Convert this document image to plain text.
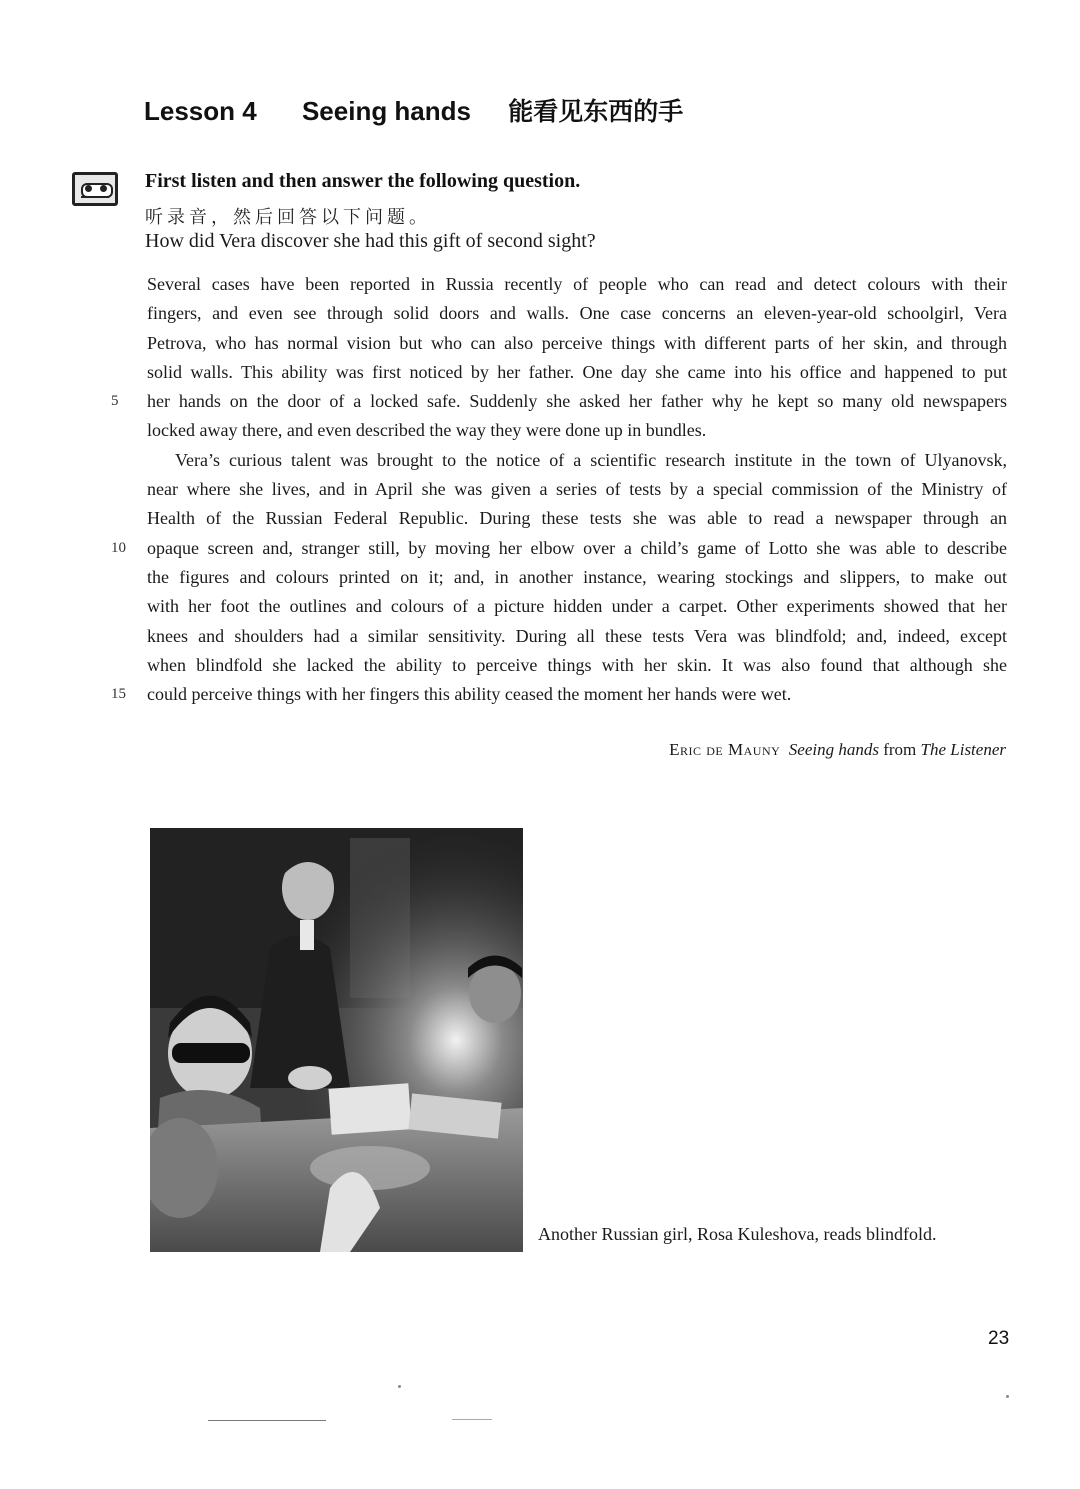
Lesson 4 Seeing hands 能看见东西的手
First listen and then answer the following question.
听录音，然后回答以下问题。
How did Vera discover she had this gift of second sight?
Several cases have been reported in Russia recently of people who can read and detect colours with their
fingers, and even see through solid doors and walls. One case concerns an eleven-year-old schoolgirl, Vera
Petrova, who has normal vision but who can also perceive things with different parts of her skin, and through
solid walls. This ability was first noticed by her father. One day she came into his office and happened to put
5	her hands on the door of a locked safe. Suddenly she asked her father why he kept so many old newspapers
locked away there, and even described the way they were done up in bundles.
Vera’s curious talent was brought to the notice of a scientific research institute in the town of Ulyanovsk,
near where she lives, and in April she was given a series of tests by a special commission of the Ministry of
Health of the Russian Federal Republic. During these tests she was able to read a newspaper through an
10	opaque screen and, stranger still, by moving her elbow over a child’s game of Lotto she was able to describe
the figures and colours printed on it; and, in another instance, wearing stockings and slippers, to make out
with her foot the outlines and colours of a picture hidden under a carpet. Other experiments showed that her
knees and shoulders had a similar sensitivity. During all these tests Vera was blindfold; and, indeed, except
when blindfold she lacked the ability to perceive things with her skin. It was also found that although she
15	could perceive things with her fingers this ability ceased the moment her hands were wet.
Eric de Mauny Seeing hands from The Listener
Another Russian girl, Rosa Kuleshova, reads blindfold.
23
